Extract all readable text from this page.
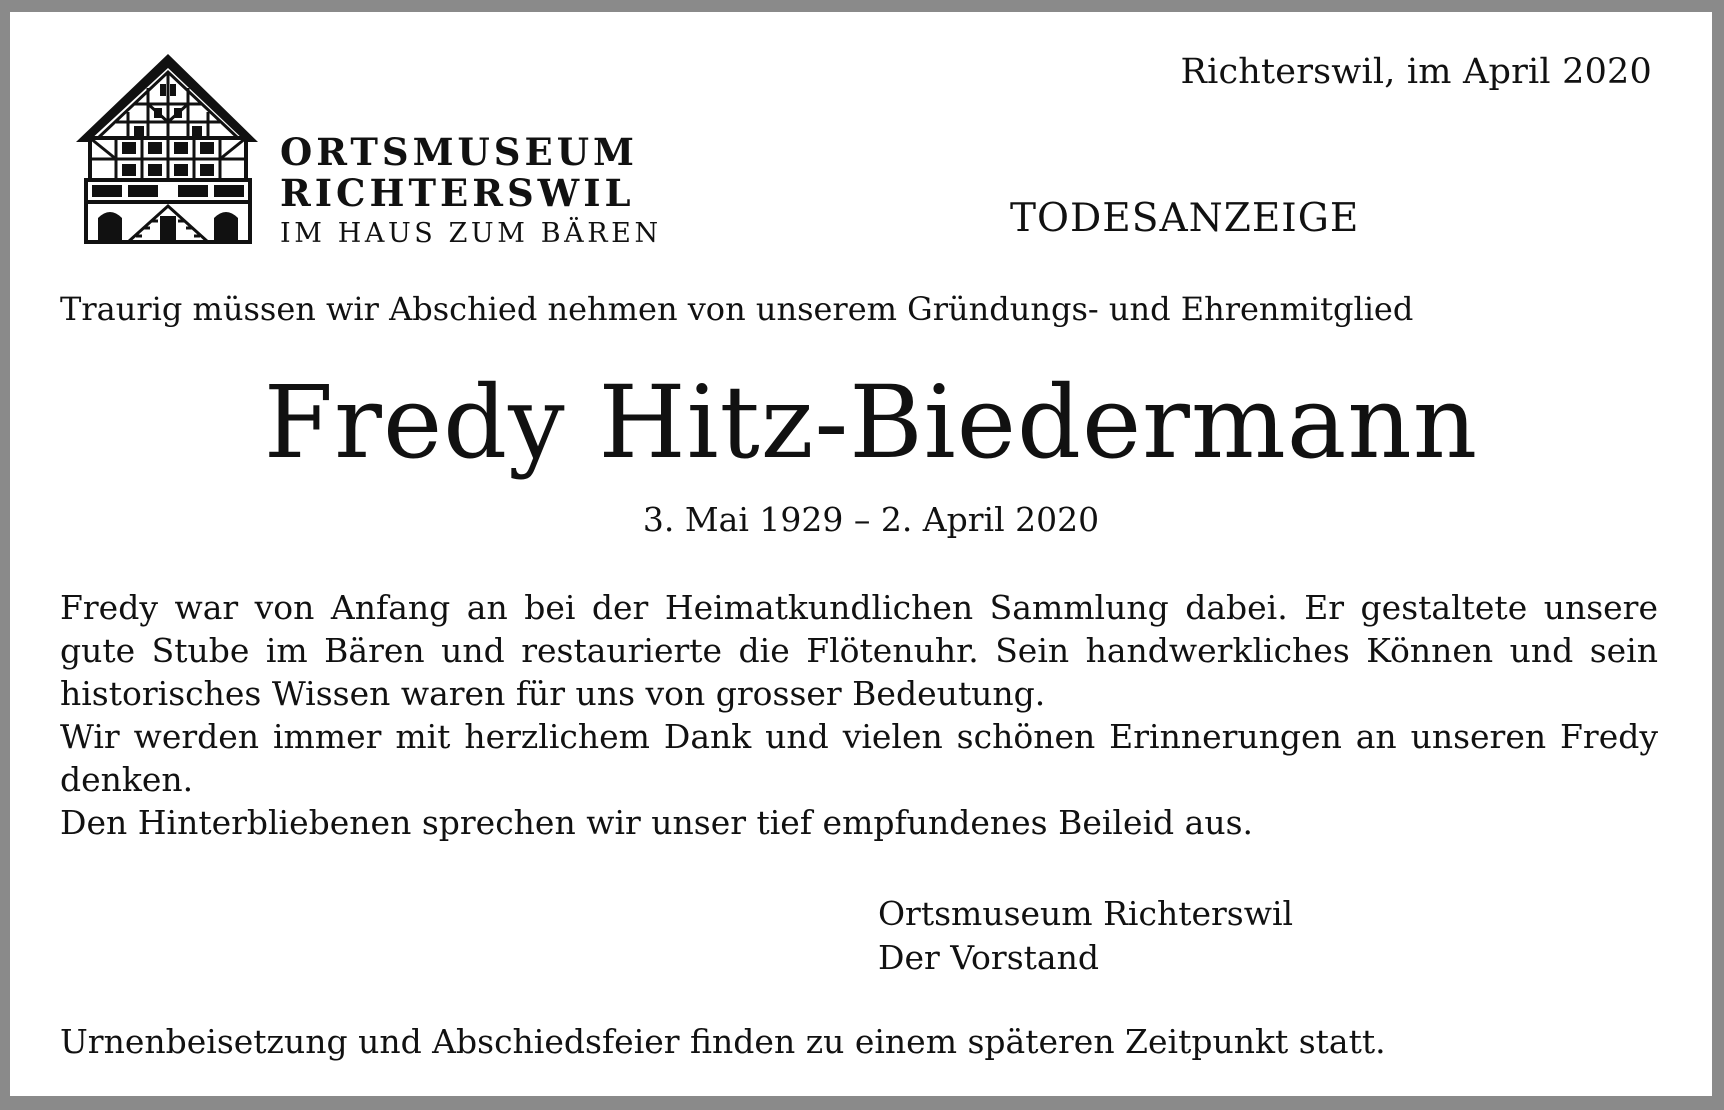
ORTSMUSEUM
RICHTERSWIL
IM HAUS ZUM BÄREN
Richterswil, im April 2020
TODESANZEIGE
Traurig müssen wir Abschied nehmen von unserem Gründungs- und Ehrenmitglied
Fredy Hitz-Biedermann
3. Mai 1929 – 2. April 2020

Fredy war von Anfang an bei der Heimatkundlichen Sammlung dabei. Er gestaltete unsere gute Stube im Bären und restaurierte die Flötenuhr. Sein handwerkliches Können und sein historisches Wissen waren für uns von grosser Bedeutung.

Wir werden immer mit herzlichem Dank und vielen schönen Erinnerungen an unseren Fredy denken.

Den Hinterbliebenen sprechen wir unser tief empfundenes Beileid aus.

Ortsmuseum Richterswil
Der Vorstand
Urnenbeisetzung und Abschiedsfeier finden zu einem späteren Zeitpunkt statt.
